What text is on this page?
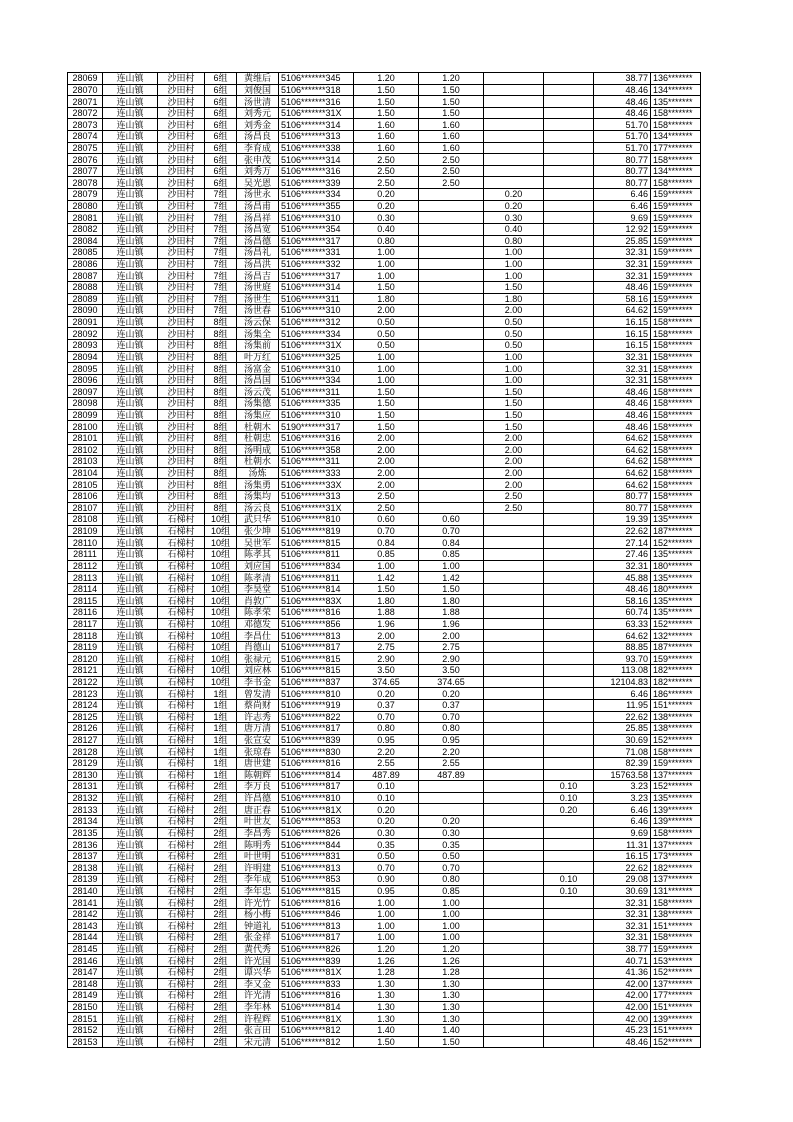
28069	连山镇	沙田村	6组	黄维后	5106*******345	1.20	1.20			38.77	136*******
28070	连山镇	沙田村	6组	刘俊国	5106*******318	1.50	1.50			48.46	134*******
28071	连山镇	沙田村	6组	汤世清	5106*******316	1.50	1.50			48.46	135*******
28072	连山镇	沙田村	6组	刘秀元	5106*******31X	1.50	1.50			48.46	158*******
28073	连山镇	沙田村	6组	刘秀金	5106*******314	1.60	1.60			51.70	158*******
28074	连山镇	沙田村	6组	汤昌良	5106*******313	1.60	1.60			51.70	134*******
28075	连山镇	沙田村	6组	李育成	5106*******338	1.60	1.60			51.70	177*******
28076	连山镇	沙田村	6组	张申茂	5106*******314	2.50	2.50			80.77	158*******
28077	连山镇	沙田村	6组	刘秀万	5106*******316	2.50	2.50			80.77	134*******
28078	连山镇	沙田村	6组	吴光恩	5106*******339	2.50	2.50			80.77	158*******
28079	连山镇	沙田村	7组	汤世永	5106*******334	0.20		0.20		6.46	159*******
28080	连山镇	沙田村	7组	汤昌甫	5106*******355	0.20		0.20		6.46	159*******
28081	连山镇	沙田村	7组	汤昌祥	5106*******310	0.30		0.30		9.69	159*******
28082	连山镇	沙田村	7组	汤昌宽	5106*******354	0.40		0.40		12.92	159*******
28084	连山镇	沙田村	7组	汤昌德	5106*******317	0.80		0.80		25.85	159*******
28085	连山镇	沙田村	7组	汤昌礼	5106*******331	1.00		1.00		32.31	159*******
28086	连山镇	沙田村	7组	汤昌洪	5106*******332	1.00		1.00		32.31	159*******
28087	连山镇	沙田村	7组	汤昌吉	5106*******317	1.00		1.00		32.31	159*******
28088	连山镇	沙田村	7组	汤世庭	5106*******314	1.50		1.50		48.46	159*******
28089	连山镇	沙田村	7组	汤世生	5106*******311	1.80		1.80		58.16	159*******
28090	连山镇	沙田村	7组	汤世春	5106*******310	2.00		2.00		64.62	159*******
28091	连山镇	沙田村	8组	汤云保	5106*******312	0.50		0.50		16.15	158*******
28092	连山镇	沙田村	8组	汤集全	5106*******334	0.50		0.50		16.15	158*******
28093	连山镇	沙田村	8组	汤集前	5106*******31X	0.50		0.50		16.15	158*******
28094	连山镇	沙田村	8组	叶万红	5106*******325	1.00		1.00		32.31	158*******
28095	连山镇	沙田村	8组	汤富金	5106*******310	1.00		1.00		32.31	158*******
28096	连山镇	沙田村	8组	汤昌国	5106*******334	1.00		1.00		32.31	158*******
28097	连山镇	沙田村	8组	汤云茂	5106*******311	1.50		1.50		48.46	158*******
28098	连山镇	沙田村	8组	汤集德	5106*******335	1.50		1.50		48.46	158*******
28099	连山镇	沙田村	8组	汤集应	5106*******310	1.50		1.50		48.46	158*******
28100	连山镇	沙田村	8组	杜朝木	5190*******317	1.50		1.50		48.46	158*******
28101	连山镇	沙田村	8组	杜朝忠	5106*******316	2.00		2.00		64.62	158*******
28102	连山镇	沙田村	8组	汤明成	5106*******358	2.00		2.00		64.62	158*******
28103	连山镇	沙田村	8组	杜朝水	5106*******311	2.00		2.00		64.62	158*******
28104	连山镇	沙田村	8组	汤炼	5106*******333	2.00		2.00		64.62	158*******
28105	连山镇	沙田村	8组	汤集勇	5106*******33X	2.00		2.00		64.62	158*******
28106	连山镇	沙田村	8组	汤集均	5106*******313	2.50		2.50		80.77	158*******
28107	连山镇	沙田村	8组	汤云良	5106*******31X	2.50		2.50		80.77	158*******
28108	连山镇	石梯村	10组	武只华	5106*******810	0.60	0.60			19.39	135*******
28109	连山镇	石梯村	10组	张少坤	5106*******819	0.70	0.70			22.62	187*******
28110	连山镇	石梯村	10组	吴世军	5106*******815	0.84	0.84			27.14	152*******
28111	连山镇	石梯村	10组	陈孝其	5106*******811	0.85	0.85			27.46	135*******
28112	连山镇	石梯村	10组	刘应国	5106*******834	1.00	1.00			32.31	180*******
28113	连山镇	石梯村	10组	陈孝清	5106*******811	1.42	1.42			45.88	135*******
28114	连山镇	石梯村	10组	李昊堂	5106*******814	1.50	1.50			48.46	180*******
28115	连山镇	石梯村	10组	肖敦广	5106*******83X	1.80	1.80			58.16	135*******
28116	连山镇	石梯村	10组	陈孝荣	5106*******816	1.88	1.88			60.74	135*******
28117	连山镇	石梯村	10组	邓德发	5106*******856	1.96	1.96			63.33	152*******
28118	连山镇	石梯村	10组	李昌仕	5106*******813	2.00	2.00			64.62	132*******
28119	连山镇	石梯村	10组	肖德山	5106*******817	2.75	2.75			88.85	187*******
28120	连山镇	石梯村	10组	张禄元	5106*******815	2.90	2.90			93.70	159*******
28121	连山镇	石梯村	10组	刘应林	5106*******815	3.50	3.50			113.08	182*******
28122	连山镇	石梯村	10组	李书金	5106*******837	374.65	374.65			12104.83	182*******
28123	连山镇	石梯村	1组	曾发清	5106*******810	0.20	0.20			6.46	186*******
28124	连山镇	石梯村	1组	蔡尚财	5106*******919	0.37	0.37			11.95	151*******
28125	连山镇	石梯村	1组	许志秀	5106*******822	0.70	0.70			22.62	138*******
28126	连山镇	石梯村	1组	唐万清	5106*******817	0.80	0.80			25.85	138*******
28127	连山镇	石梯村	1组	张宣安	5106*******839	0.95	0.95			30.69	152*******
28128	连山镇	石梯村	1组	张琼春	5106*******830	2.20	2.20			71.08	158*******
28129	连山镇	石梯村	1组	唐世建	5106*******816	2.55	2.55			82.39	159*******
28130	连山镇	石梯村	1组	陈朝辉	5106*******814	487.89	487.89			15763.58	137*******
28131	连山镇	石梯村	2组	李万良	5106*******817	0.10			0.10	3.23	152*******
28132	连山镇	石梯村	2组	许昌德	5106*******810	0.10			0.10	3.23	135*******
28133	连山镇	石梯村	2组	唐正春	5106*******81X	0.20			0.20	6.46	139*******
28134	连山镇	石梯村	2组	叶世友	5106*******853	0.20	0.20			6.46	139*******
28135	连山镇	石梯村	2组	李昌秀	5106*******826	0.30	0.30			9.69	158*******
28136	连山镇	石梯村	2组	陈明秀	5106*******844	0.35	0.35			11.31	137*******
28137	连山镇	石梯村	2组	叶世明	5106*******831	0.50	0.50			16.15	173*******
28138	连山镇	石梯村	2组	许明建	5106*******813	0.70	0.70			22.62	182*******
28139	连山镇	石梯村	2组	李年成	5106*******853	0.90	0.80		0.10	29.08	137*******
28140	连山镇	石梯村	2组	李年忠	5106*******815	0.95	0.85		0.10	30.69	131*******
28141	连山镇	石梯村	2组	许光竹	5106*******816	1.00	1.00			32.31	158*******
28142	连山镇	石梯村	2组	杨小梅	5106*******846	1.00	1.00			32.31	138*******
28143	连山镇	石梯村	2组	钟道礼	5106*******813	1.00	1.00			32.31	151*******
28144	连山镇	石梯村	2组	张金祥	5106*******817	1.00	1.00			32.31	158*******
28145	连山镇	石梯村	2组	黄代秀	5106*******826	1.20	1.20			38.77	159*******
28146	连山镇	石梯村	2组	许光国	5106*******839	1.26	1.26			40.71	153*******
28147	连山镇	石梯村	2组	谭兴华	5106*******81X	1.28	1.28			41.36	152*******
28148	连山镇	石梯村	2组	李又金	5106*******833	1.30	1.30			42.00	137*******
28149	连山镇	石梯村	2组	许光清	5106*******816	1.30	1.30			42.00	177*******
28150	连山镇	石梯村	2组	李年林	5106*******814	1.30	1.30			42.00	151*******
28151	连山镇	石梯村	2组	许程辉	5106*******81X	1.30	1.30			42.00	139*******
28152	连山镇	石梯村	2组	张言田	5106*******812	1.40	1.40			45.23	151*******
28153	连山镇	石梯村	2组	宋元清	5106*******812	1.50	1.50			48.46	152*******
